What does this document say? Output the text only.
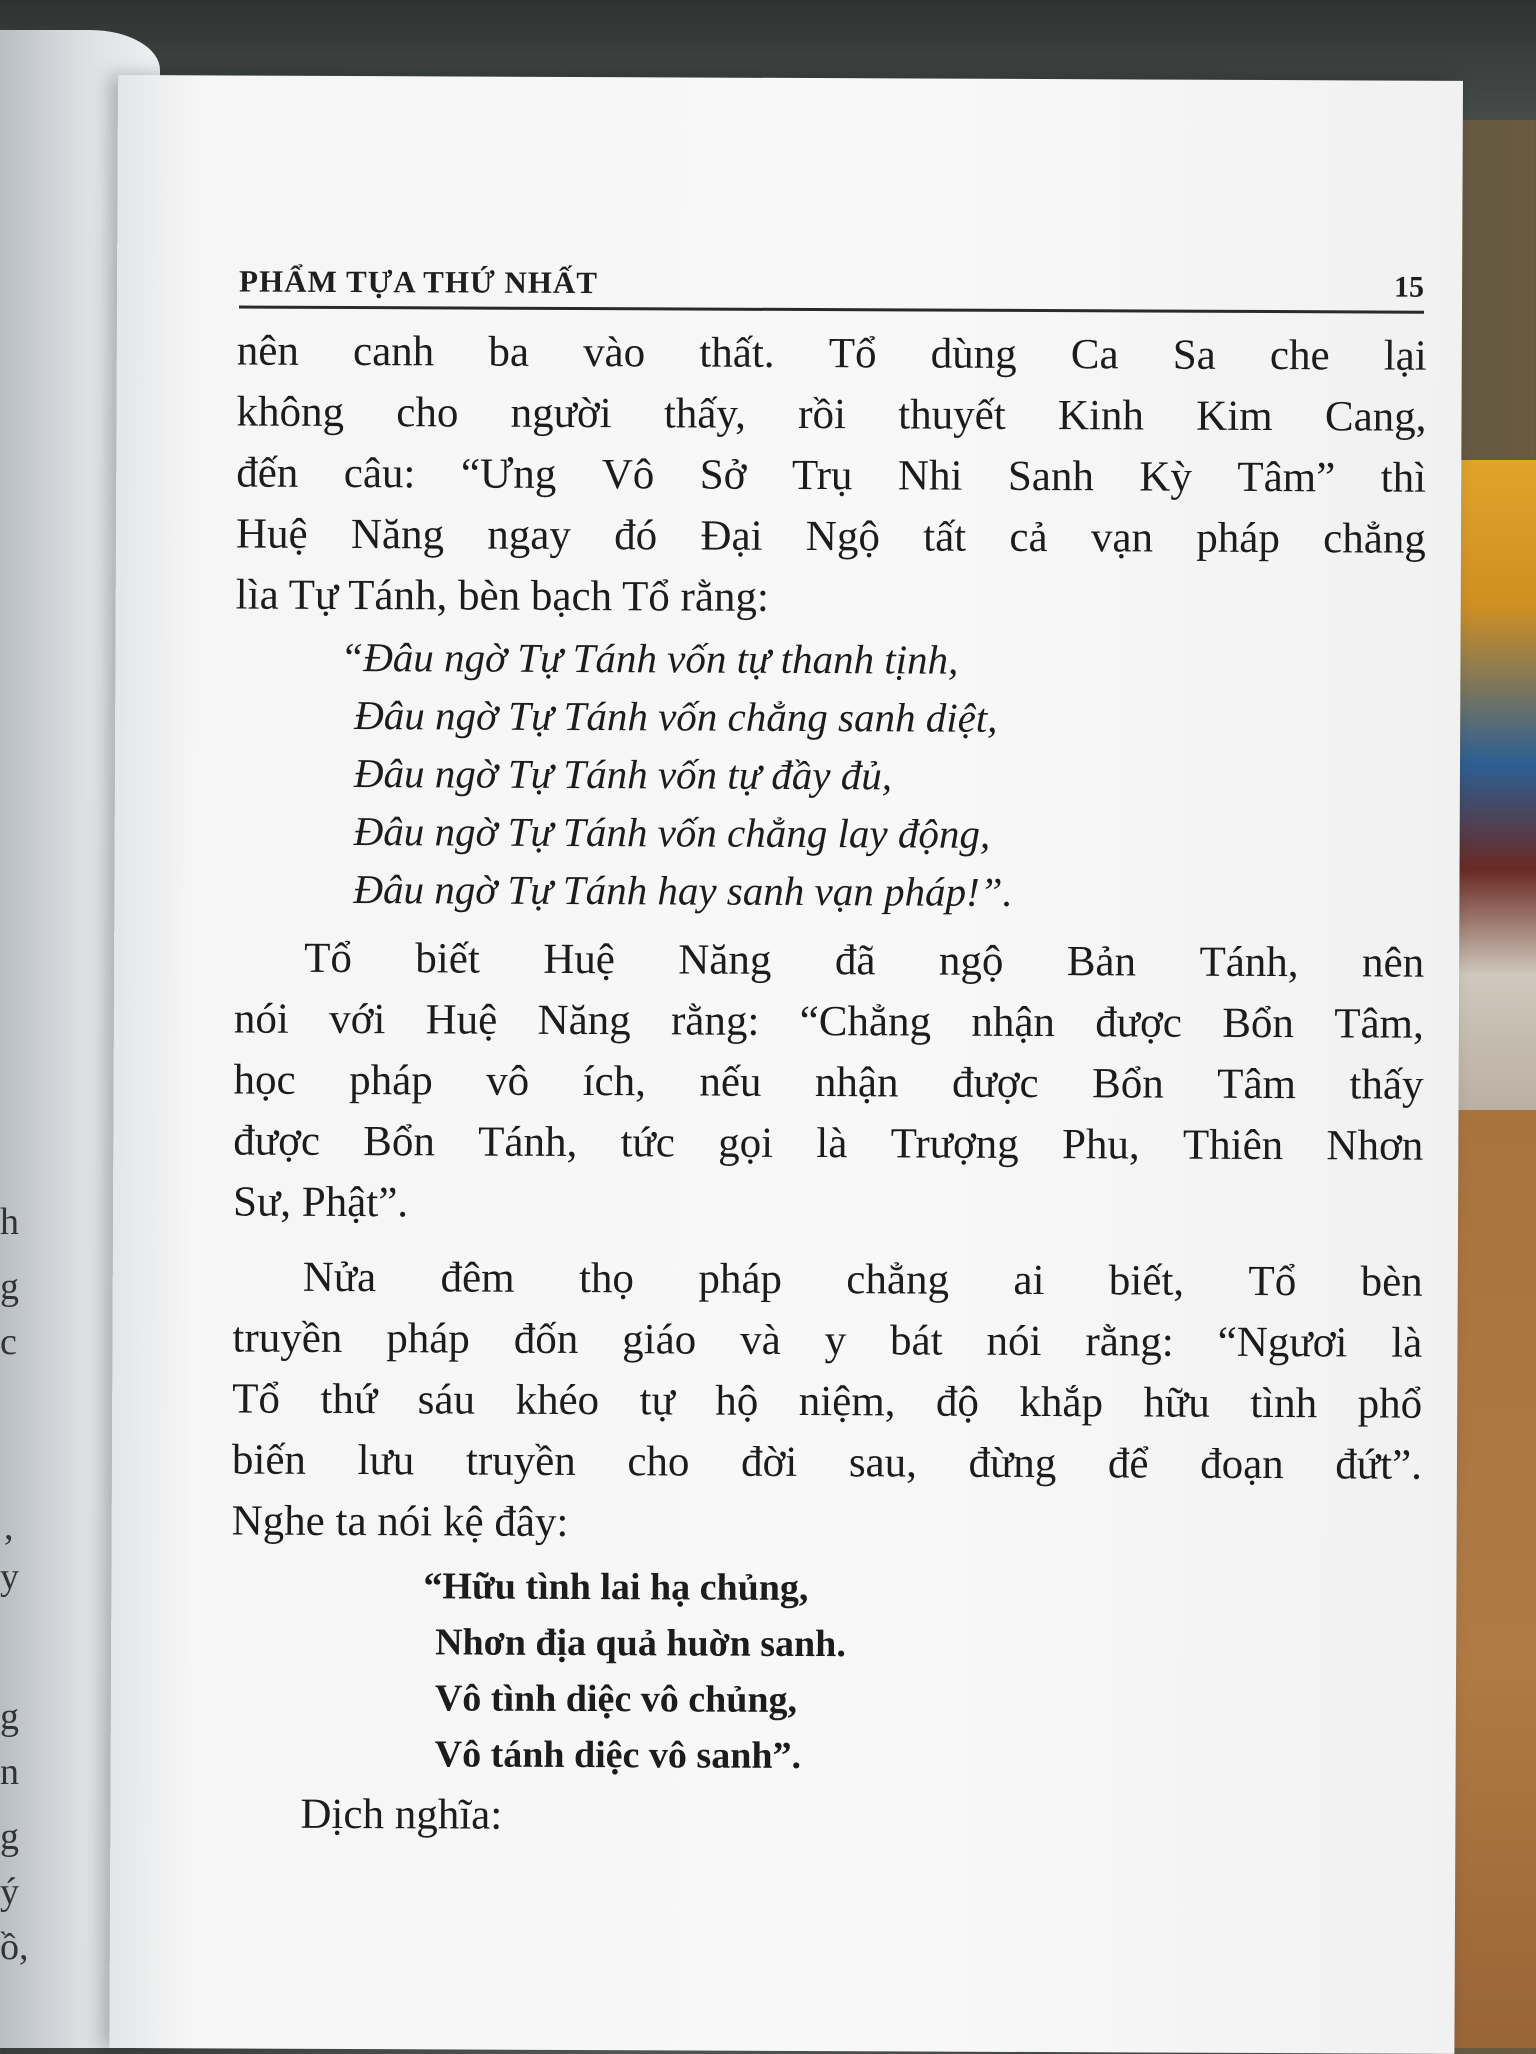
h
g
c
,
y
g
n
g
ý
ồ,
PHẨM TỰA THỨ NHẤT	15
nên canh ba vào thất. Tổ dùng Ca Sa che lại
không cho người thấy, rồi thuyết Kinh Kim Cang,
đến câu: “Ưng Vô Sở Trụ Nhi Sanh Kỳ Tâm” thì
Huệ Năng ngay đó Đại Ngộ tất cả vạn pháp chẳng
lìa Tự Tánh, bèn bạch Tổ rằng:
“Đâu ngờ Tự Tánh vốn tự thanh tịnh,
Đâu ngờ Tự Tánh vốn chẳng sanh diệt,
Đâu ngờ Tự Tánh vốn tự đầy đủ,
Đâu ngờ Tự Tánh vốn chẳng lay động,
Đâu ngờ Tự Tánh hay sanh vạn pháp!”.
Tổ biết Huệ Năng đã ngộ Bản Tánh, nên
nói với Huệ Năng rằng: “Chẳng nhận được Bổn Tâm,
học pháp vô ích, nếu nhận được Bổn Tâm thấy
được Bổn Tánh, tức gọi là Trượng Phu, Thiên Nhơn
Sư, Phật”.
Nửa đêm thọ pháp chẳng ai biết, Tổ bèn
truyền pháp đốn giáo và y bát nói rằng: “Ngươi là
Tổ thứ sáu khéo tự hộ niệm, độ khắp hữu tình phổ
biến lưu truyền cho đời sau, đừng để đoạn đứt”.
Nghe ta nói kệ đây:
“Hữu tình lai hạ chủng,
Nhơn địa quả huờn sanh.
Vô tình diệc vô chủng,
Vô tánh diệc vô sanh”.
Dịch nghĩa:
